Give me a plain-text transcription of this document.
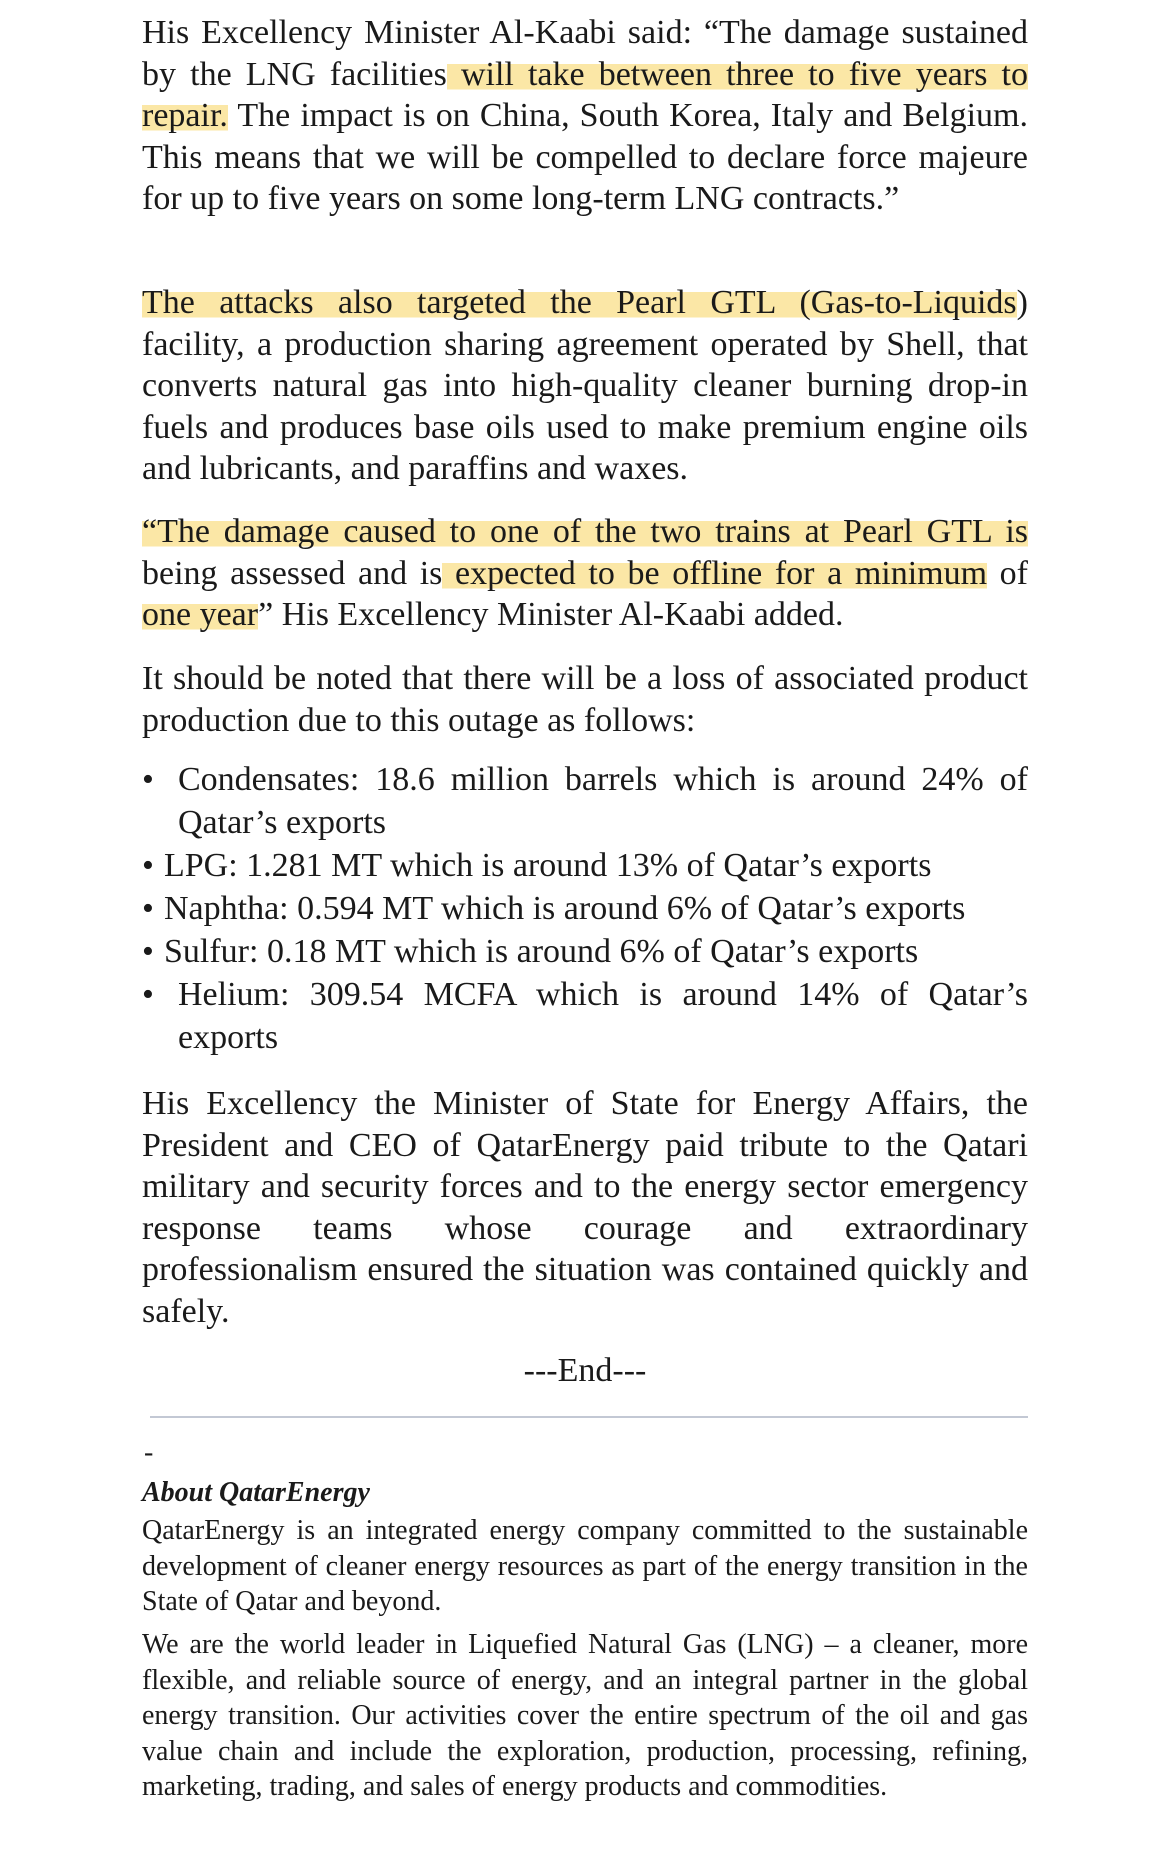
His Excellency Minister Al-Kaabi said: “The damage sustained by the LNG facilities will take between three to five years to repair. The impact is on China, South Korea, Italy and Belgium. This means that we will be compelled to declare force majeure for up to five years on some long-term LNG contracts.”

The attacks also targeted the Pearl GTL (Gas-to-Liquids) facility, a production sharing agreement operated by Shell, that converts natural gas into high-quality cleaner burning drop-in fuels and produces base oils used to make premium engine oils and lubricants, and paraffins and waxes.

“The damage caused to one of the two trains at Pearl GTL is being assessed and is expected to be offline for a minimum of one year” His Excellency Minister Al-Kaabi added.

It should be noted that there will be a loss of associated product production due to this outage as follows:

• Condensates: 18.6 million barrels which is around 24% of Qatar’s exports
• LPG: 1.281 MT which is around 13% of Qatar’s exports
• Naphtha: 0.594 MT which is around 6% of Qatar’s exports
• Sulfur: 0.18 MT which is around 6% of Qatar’s exports
• Helium: 309.54 MCFA which is around 14% of Qatar’s exports

His Excellency the Minister of State for Energy Affairs, the President and CEO of QatarEnergy paid tribute to the Qatari military and security forces and to the energy sector emergency response teams whose courage and extraordinary professionalism ensured the situation was contained quickly and safely.

---End---
-
About QatarEnergy

QatarEnergy is an integrated energy company committed to the sustainable development of cleaner energy resources as part of the energy transition in the State of Qatar and beyond.

We are the world leader in Liquefied Natural Gas (LNG) – a cleaner, more flexible, and reliable source of energy, and an integral partner in the global energy transition. Our activities cover the entire spectrum of the oil and gas value chain and include the exploration, production, processing, refining, marketing, trading, and sales of energy products and commodities.
